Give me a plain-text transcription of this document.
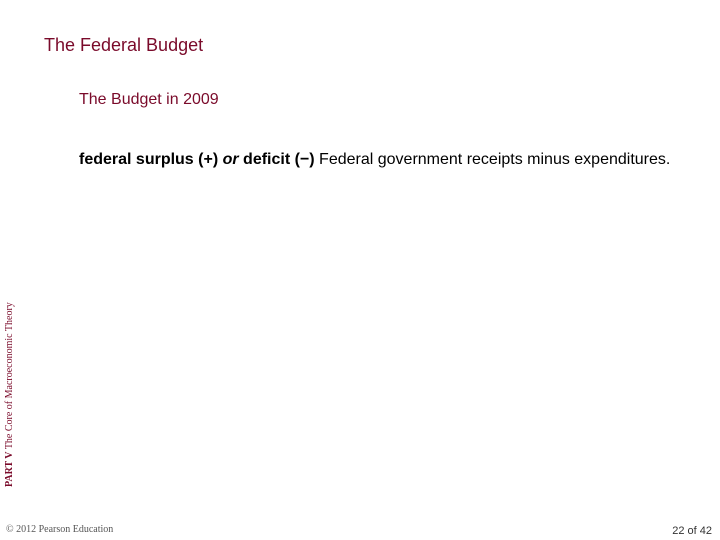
The Federal Budget
The Budget in 2009
federal surplus (+) or deficit (−) Federal government receipts minus expenditures.
PART V The Core of Macroeconomic Theory
© 2012 Pearson Education	22 of 42
